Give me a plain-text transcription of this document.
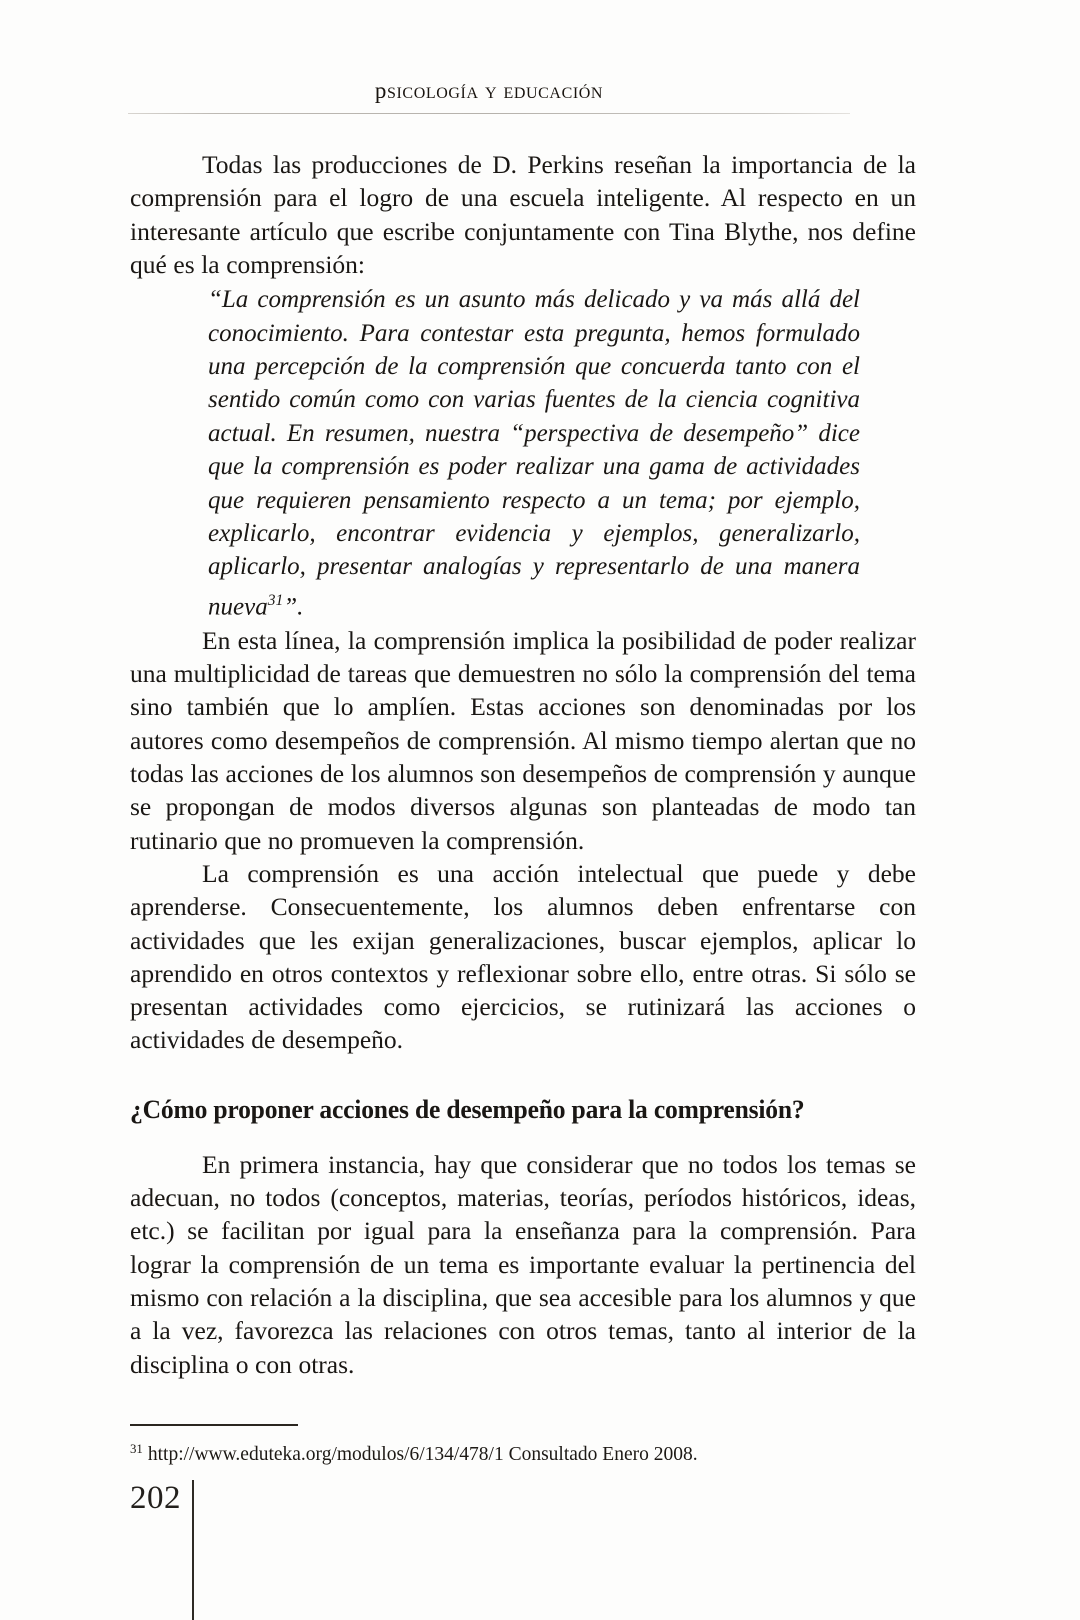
psicología y educación

Todas las producciones de D. Perkins reseñan la importancia de la comprensión para el logro de una escuela inteligente. Al respecto en un interesante artículo que escribe conjuntamente con Tina Blythe, nos define qué es la comprensión:

“La comprensión es un asunto más delicado y va más allá del conocimiento. Para contestar esta pregunta, hemos formulado una percepción de la comprensión que concuerda tanto con el sentido común como con varias fuentes de la ciencia cognitiva actual. En resumen, nuestra “perspectiva de desempeño” dice que la comprensión es poder realizar una gama de actividades que requieren pensamiento respecto a un tema; por ejemplo, explicarlo, encontrar evidencia y ejemplos, generalizarlo, aplicarlo, presentar analogías y representarlo de una manera nueva$^{31}$”.

En esta línea, la comprensión implica la posibilidad de poder realizar una multiplicidad de tareas que demuestren no sólo la comprensión del tema sino también que lo amplíen. Estas acciones son denominadas por los autores como desempeños de comprensión. Al mismo tiempo alertan que no todas las acciones de los alumnos son desempeños de comprensión y aunque se propongan de modos diversos algunas son planteadas de modo tan rutinario que no promueven la comprensión.

La comprensión es una acción intelectual que puede y debe aprenderse. Consecuentemente, los alumnos deben enfrentarse con actividades que les exijan generalizaciones, buscar ejemplos, aplicar lo aprendido en otros contextos y reflexionar sobre ello, entre otras. Si sólo se presentan actividades como ejercicios, se rutinizará las acciones o actividades de desempeño.

¿Cómo proponer acciones de desempeño para la comprensión?

En primera instancia, hay que considerar que no todos los temas se adecuan, no todos (conceptos, materias, teorías, períodos históricos, ideas, etc.) se facilitan por igual para la enseñanza para la comprensión. Para lograr la comprensión de un tema es importante evaluar la pertinencia del mismo con relación a la disciplina, que sea accesible para los alumnos y que a la vez, favorezca las relaciones con otros temas, tanto al interior de la disciplina o con otras.

$^{31}$ http://www.eduteka.org/modulos/6/134/478/1 Consultado Enero 2008.
202
